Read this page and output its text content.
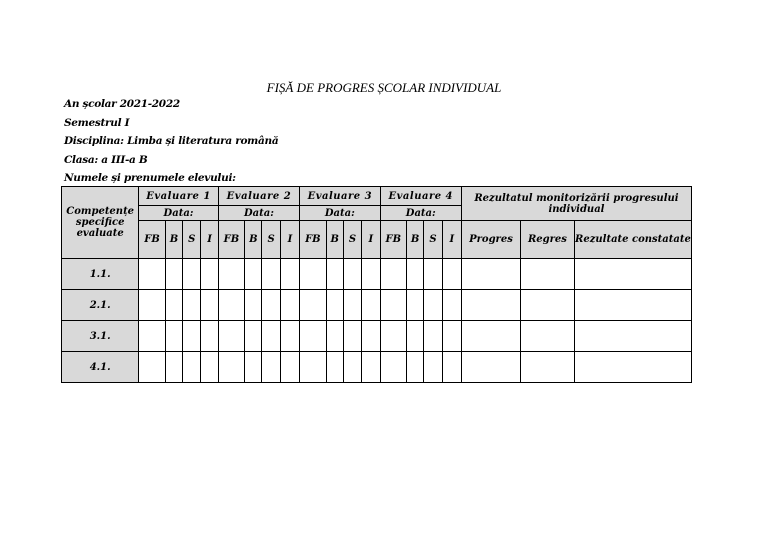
FIȘĂ DE PROGRES ȘCOLAR INDIVIDUAL
An școlar 2021-2022
Semestrul I
Disciplina: Limba și literatura română
Clasa: a III-a B
Numele și prenumele elevului:
Competențe specifice evaluate	Evaluare 1				Evaluare 2				Evaluare 3				Evaluare 4				Rezultatul monitorizării progresului individual		
	Data:				Data:				Data:				Data:						
	FB	B	S	I	FB	B	S	I	FB	B	S	I	FB	B	S	I	Progres	Regres	Rezultate constatate
1.1.																			
2.1.																			
3.1.																			
4.1.																			
